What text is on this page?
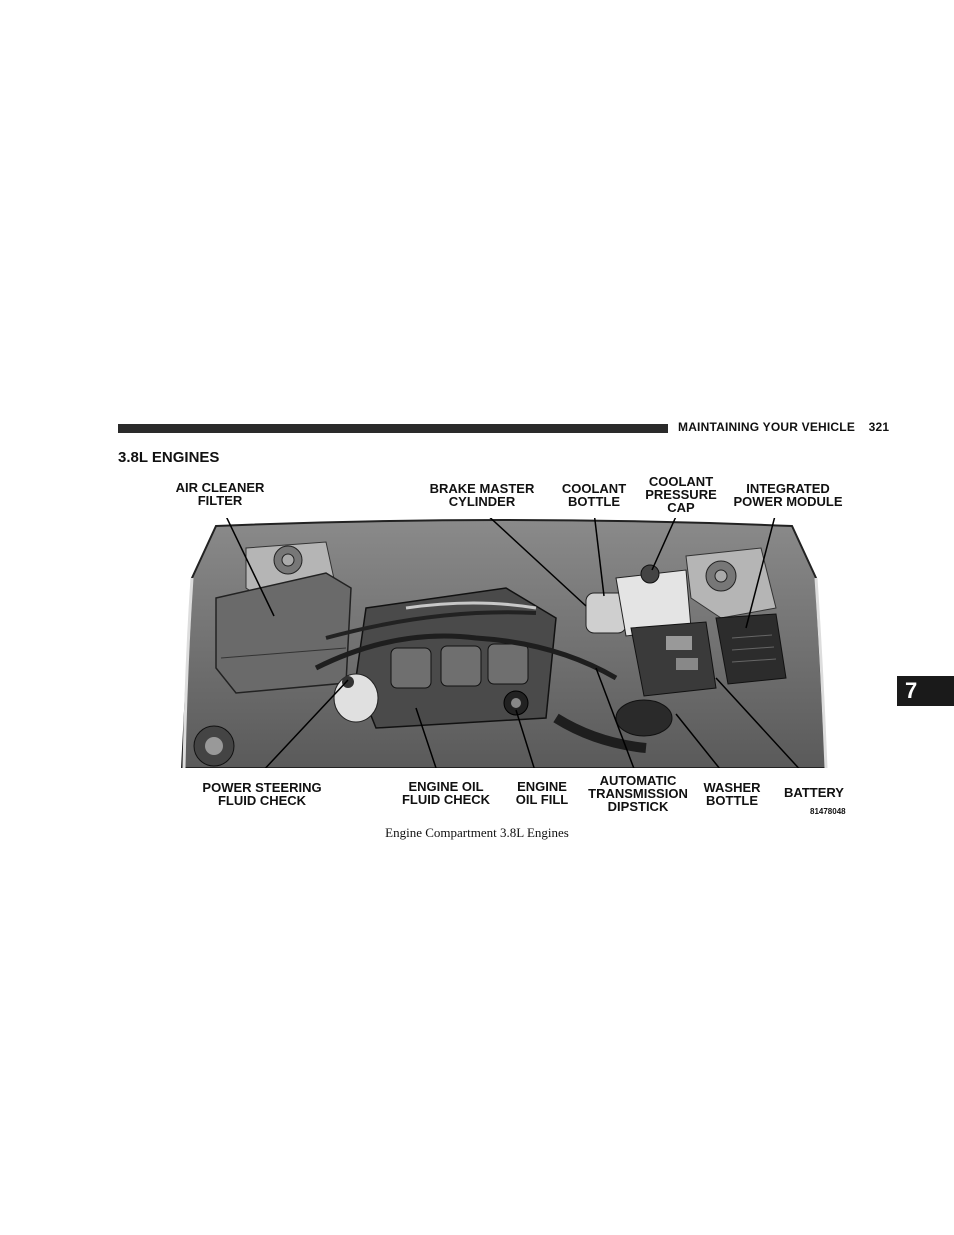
MAINTAINING YOUR VEHICLE 321
3.8L ENGINES
AIR CLEANER
FILTER
BRAKE MASTER
CYLINDER
COOLANT
BOTTLE
COOLANT
PRESSURE
CAP
INTEGRATED
POWER MODULE
POWER STEERING
FLUID CHECK
ENGINE OIL
FLUID CHECK
ENGINE
OIL FILL
AUTOMATIC
TRANSMISSION
DIPSTICK
WASHER
BOTTLE
BATTERY
81478048
Engine Compartment 3.8L Engines
7
